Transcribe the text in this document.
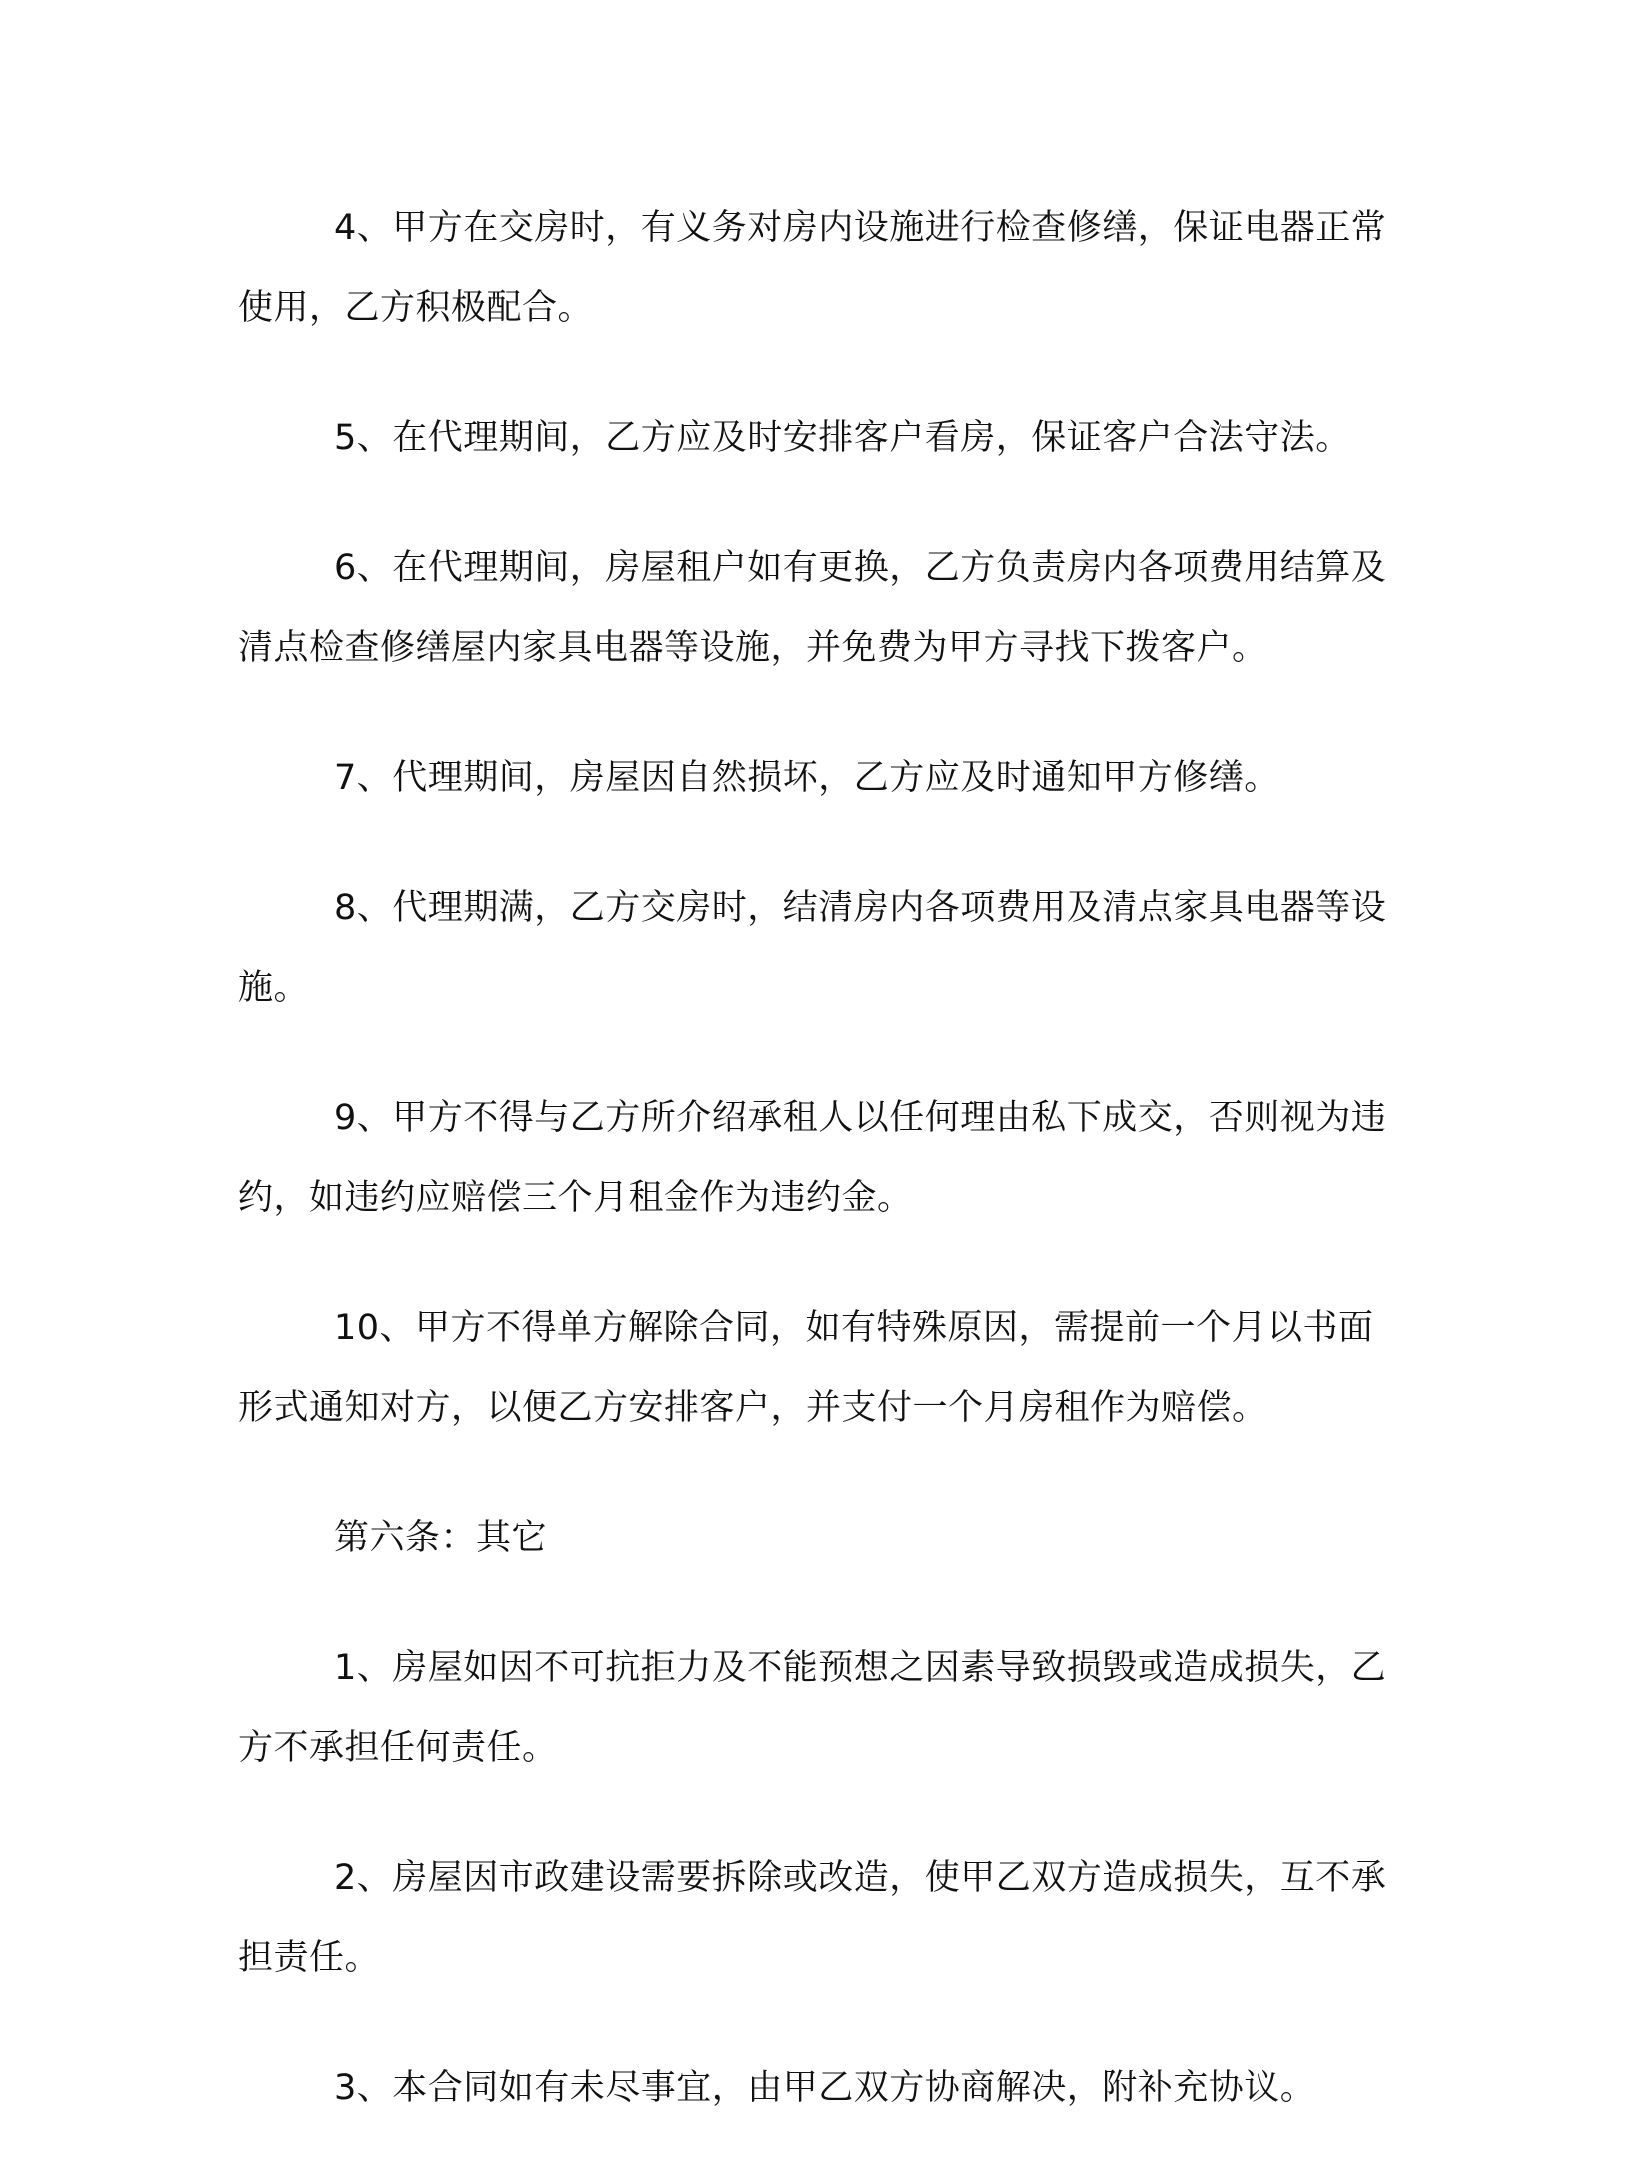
4、甲方在交房时，有义务对房内设施进行检查修缮，保证电器正常使用，乙方积极配合。

5、在代理期间，乙方应及时安排客户看房，保证客户合法守法。

6、在代理期间，房屋租户如有更换，乙方负责房内各项费用结算及清点检查修缮屋内家具电器等设施，并免费为甲方寻找下拨客户。

7、代理期间，房屋因自然损坏，乙方应及时通知甲方修缮。

8、代理期满，乙方交房时，结清房内各项费用及清点家具电器等设施。

9、甲方不得与乙方所介绍承租人以任何理由私下成交，否则视为违约，如违约应赔偿三个月租金作为违约金。

10、甲方不得单方解除合同，如有特殊原因，需提前一个月以书面形式通知对方，以便乙方安排客户，并支付一个月房租作为赔偿。

第六条：其它

1、房屋如因不可抗拒力及不能预想之因素导致损毁或造成损失，乙方不承担任何责任。

2、房屋因市政建设需要拆除或改造，使甲乙双方造成损失，互不承担责任。

3、本合同如有未尽事宜，由甲乙双方协商解决，附补充协议。
